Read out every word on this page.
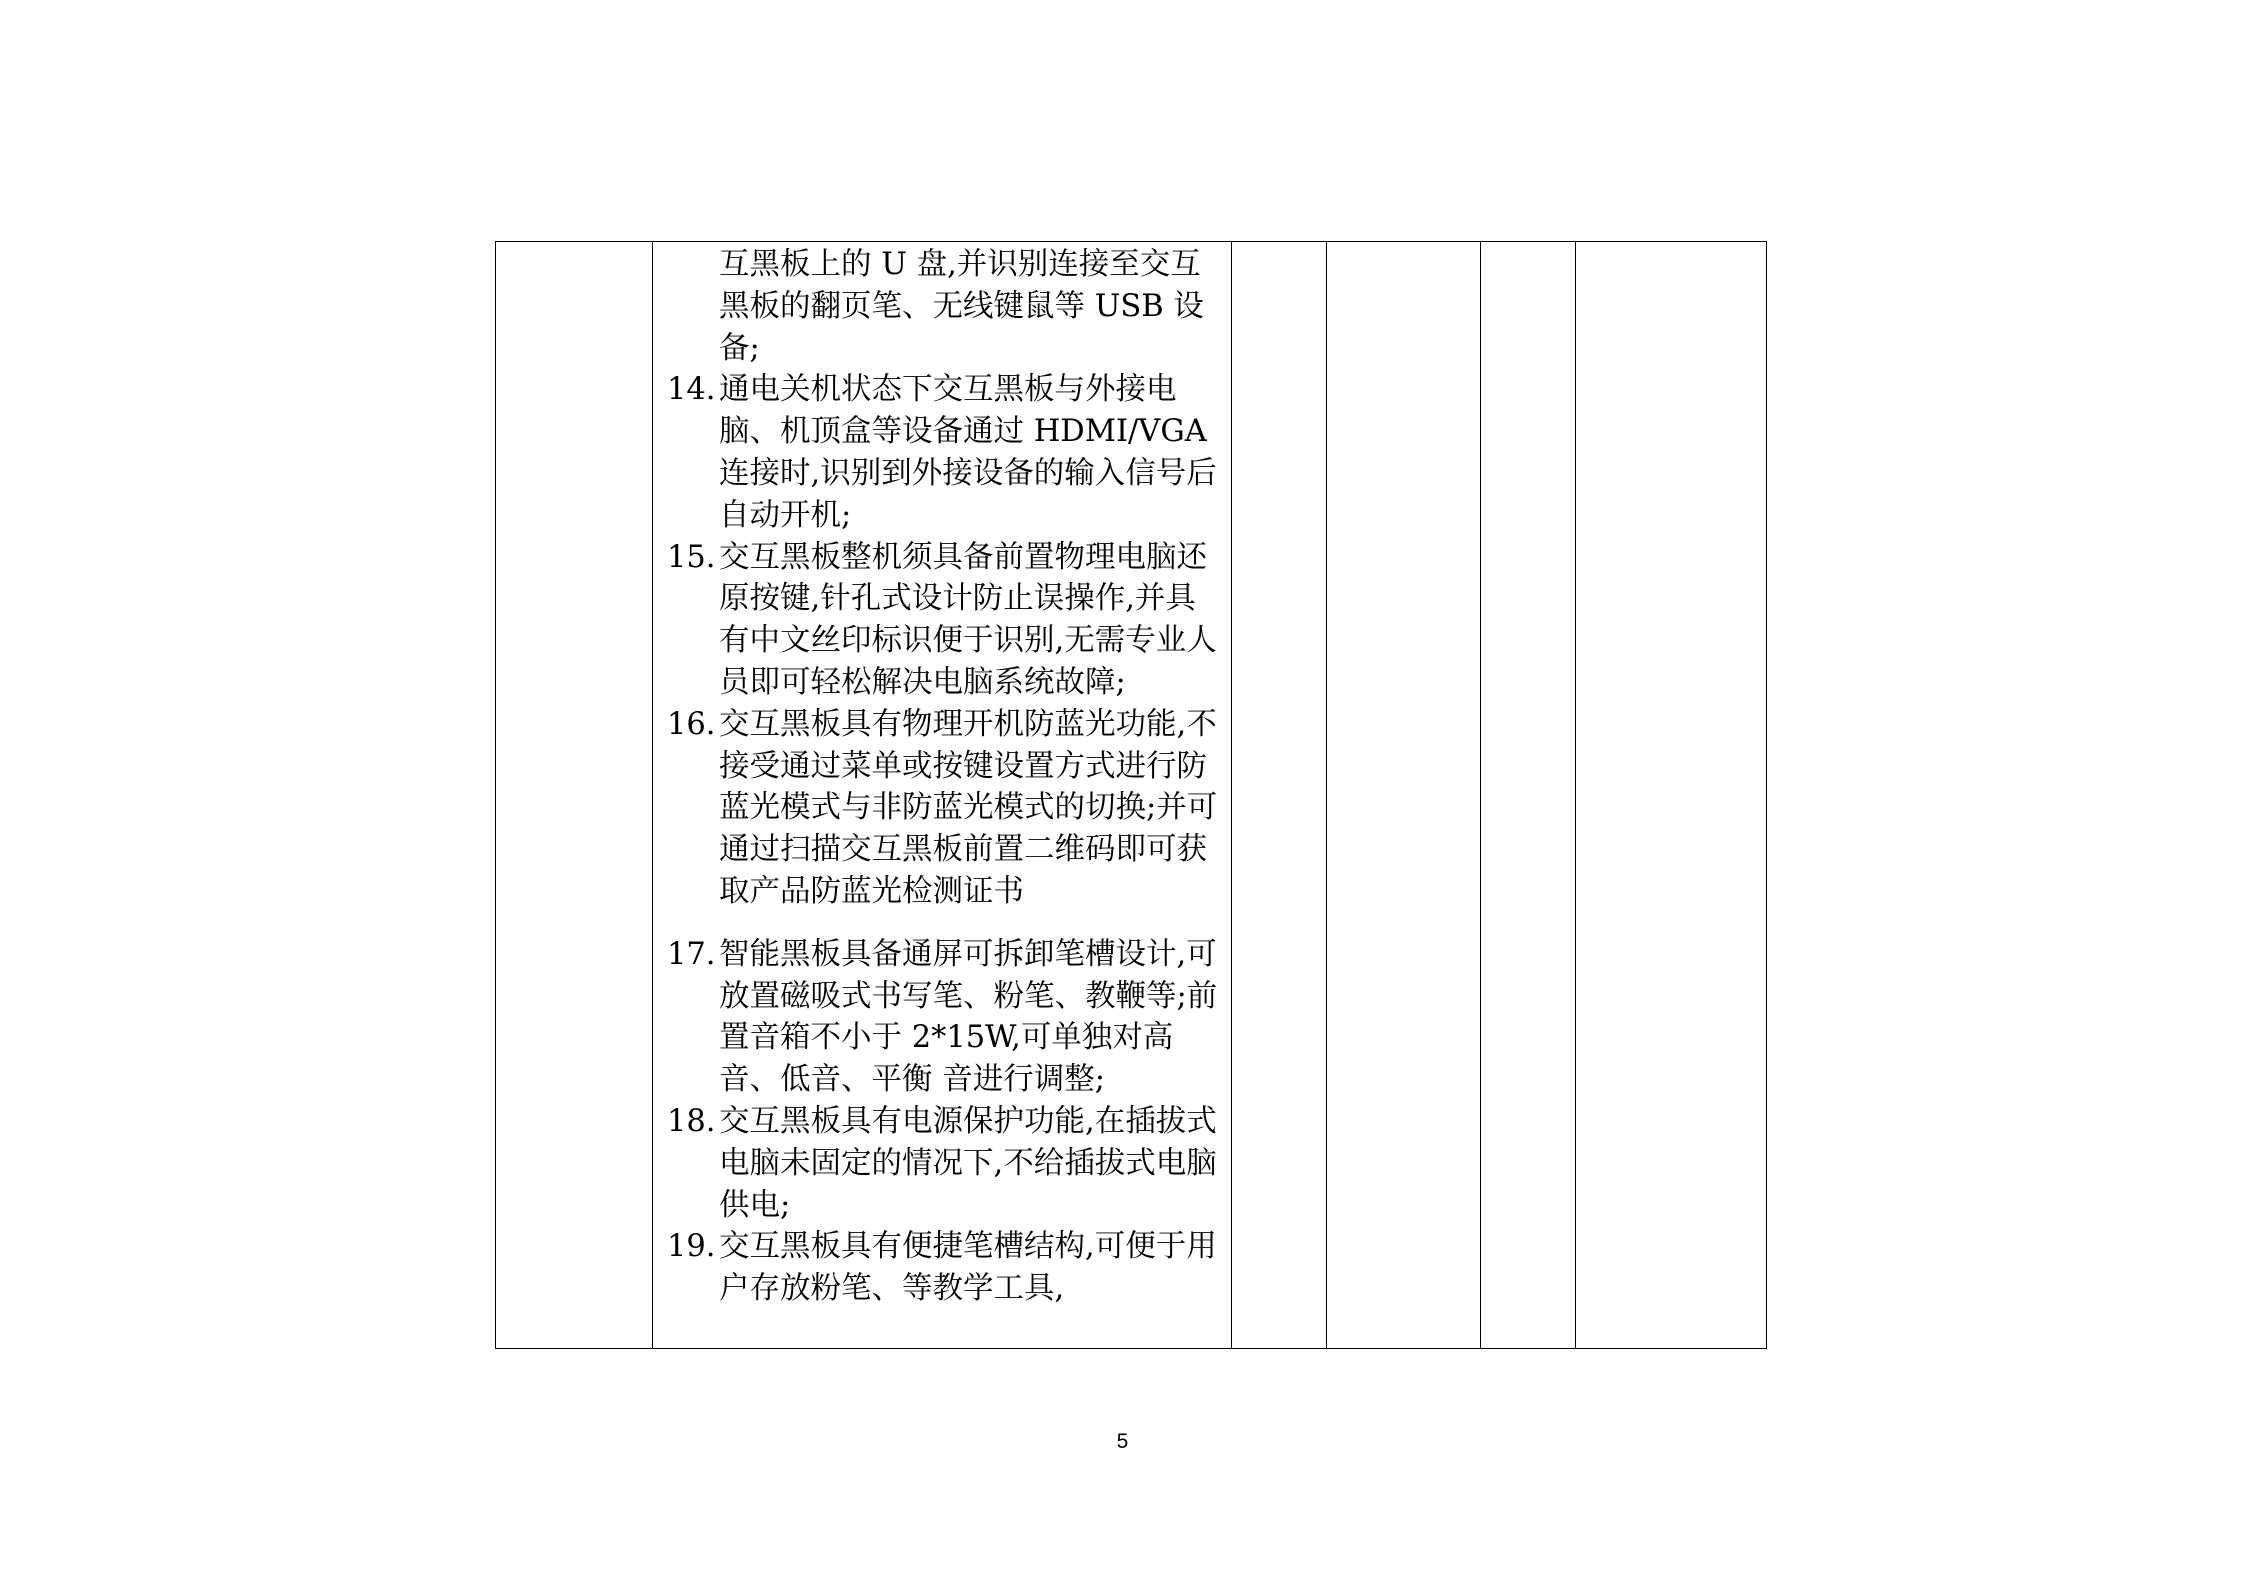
互黑板上的 U 盘,并识别连接至交互黑板的翻页笔、无线键鼠等 USB 设备;
14. 通电关机状态下交互黑板与外接电脑、机顶盒等设备通过 HDMI/VGA 连接时,识别到外接设备的输入信号后自动开机;
15. 交互黑板整机须具备前置物理电脑还原按键,针孔式设计防止误操作,并具有中文丝印标识便于识别,无需专业人员即可轻松解决电脑系统故障;
16. 交互黑板具有物理开机防蓝光功能,不接受通过菜单或按键设置方式进行防蓝光模式与非防蓝光模式的切换;并可通过扫描交互黑板前置二维码即可获取产品防蓝光检测证书
17. 智能黑板具备通屏可拆卸笔槽设计,可放置磁吸式书写笔、粉笔、教鞭等;前置音箱不小于 2*15W,可单独对高音、低音、平衡 音进行调整;
18. 交互黑板具有电源保护功能,在插拔式电脑未固定的情况下,不给插拔式电脑供电;
19. 交互黑板具有便捷笔槽结构,可便于用户存放粉笔、等教学工具,

5
